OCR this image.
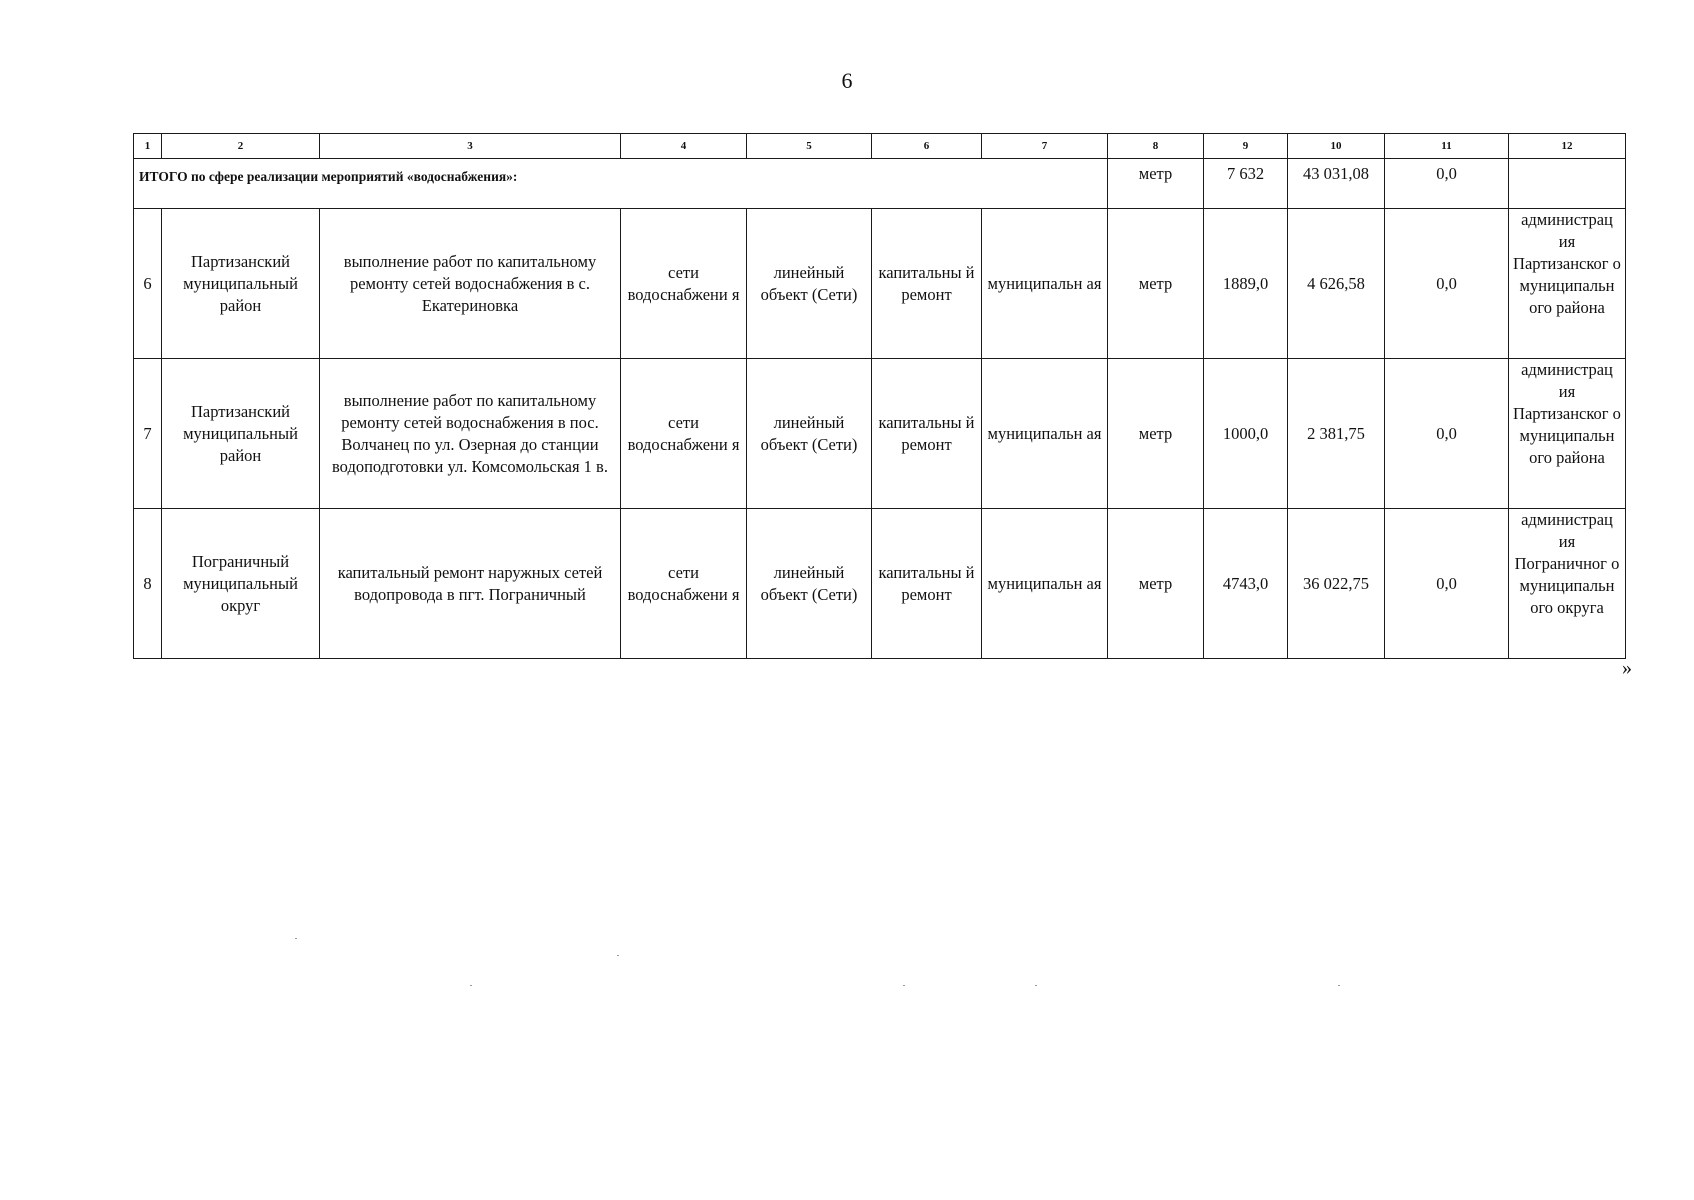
6
1	2	3	4	5	6	7	8	9	10	11	12
ИТОГО по сфере реализации мероприятий «водоснабжения»:							метр	7 632	43 031,08	0,0	
6	Партизанский муниципальный район	выполнение работ по капитальному ремонту сетей водоснабжения в с. Екатериновка	сети водоснабжени я	линейный объект (Сети)	капитальны й ремонт	муниципальн ая	метр	1889,0	4 626,58	0,0	администрац ия Партизанског о муниципальн ого района
7	Партизанский муниципальный район	выполнение работ по капитальному ремонту сетей водоснабжения в пос. Волчанец по ул. Озерная до станции водоподготовки ул. Комсомольская 1 в.	сети водоснабжени я	линейный объект (Сети)	капитальны й ремонт	муниципальн ая	метр	1000,0	2 381,75	0,0	администрац ия Партизанског о муниципальн ого района
8	Пограничный муниципальный округ	капитальный ремонт наружных сетей водопровода в пгт. Пограничный	сети водоснабжени я	линейный объект (Сети)	капитальны й ремонт	муниципальн ая	метр	4743,0	36 022,75	0,0	администрац ия Пограничног о муниципальн ого округа
»
